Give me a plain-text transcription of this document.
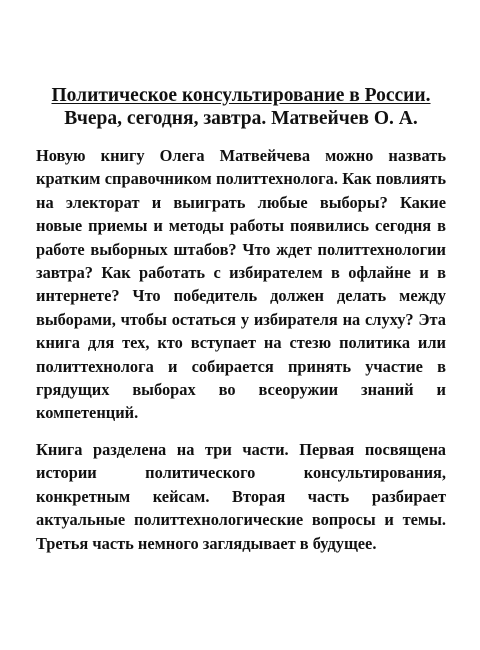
Политическое консультирование в России.
Вчера, сегодня, завтра. Матвейчев О. А.

Новую книгу Олега Матвейчева можно назвать кратким справочником политтехнолога. Как повлиять на электорат и выиграть любые выборы? Какие новые приемы и методы работы появились сегодня в работе выборных штабов? Что ждет политтехнологии завтра? Как работать с избирателем в офлайне и в интернете? Что победитель должен делать между выборами, чтобы остаться у избирателя на слуху? Эта книга для тех, кто вступает на стезю политика или политтехнолога и собирается принять участие в грядущих выборах во всеоружии знаний и компетенций.

Книга разделена на три части. Первая посвящена истории политического консультирования, конкретным кейсам. Вторая часть разбирает актуальные политтехнологические вопросы и темы. Третья часть немного заглядывает в будущее.
